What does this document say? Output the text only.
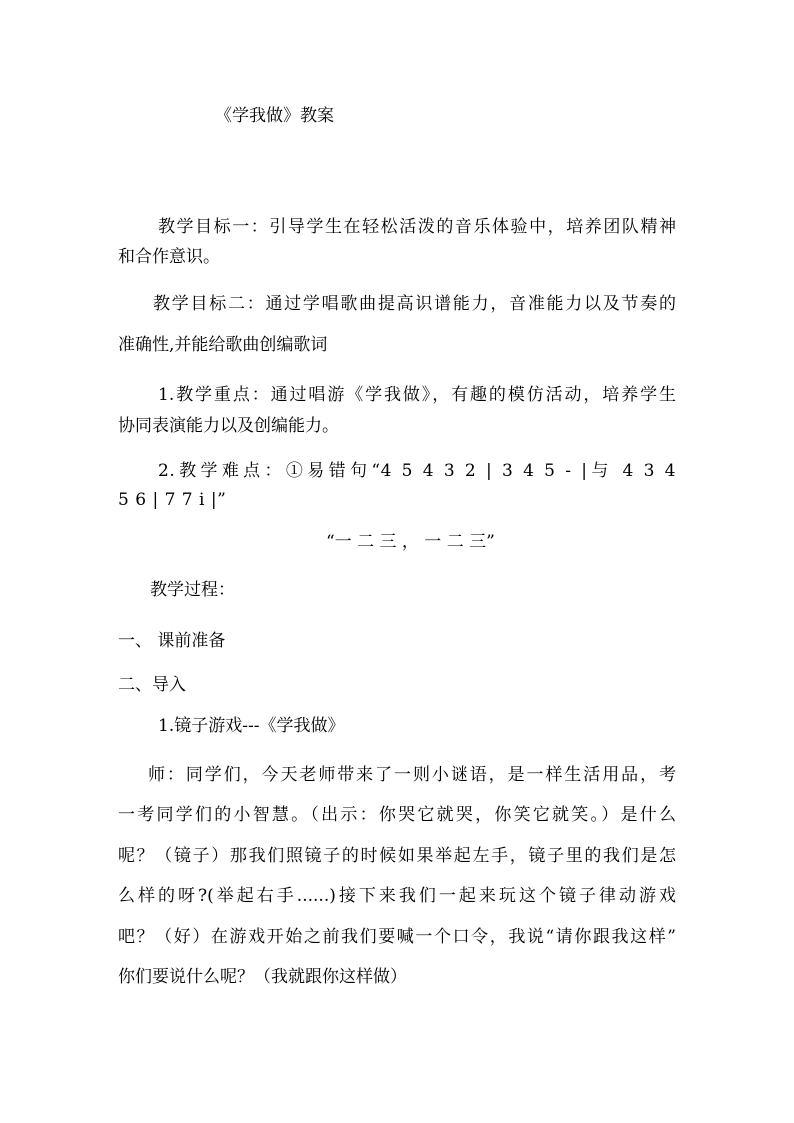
《学我做》教案

教学目标一：引导学生在轻松活泼的音乐体验中，培养团队精神

和合作意识。

教学目标二：通过学唱歌曲提高识谱能力，音准能力以及节奏的

准确性,并能给歌曲创编歌词

1.教学重点：通过唱游《学我做》，有趣的模仿活动，培养学生

协同表演能力以及创编能力。

2.教学难点：①易错句“4 5 4 3 2 | 3 4 5 - |与 4 3 4

5 6 | 7 7 i |”

“一 二 三 ， 一 二 三”

教学过程：

一、 课前准备

二、导入

1.镜子游戏---《学我做》

师：同学们，今天老师带来了一则小谜语，是一样生活用品，考

一考同学们的小智慧。（出示：你哭它就哭，你笑它就笑。）是什么

呢？（镜子）那我们照镜子的时候如果举起左手，镜子里的我们是怎

么样的呀?(举起右手......)接下来我们一起来玩这个镜子律动游戏

吧？（好）在游戏开始之前我们要喊一个口令，我说“请你跟我这样”

你们要说什么呢？（我就跟你这样做）
